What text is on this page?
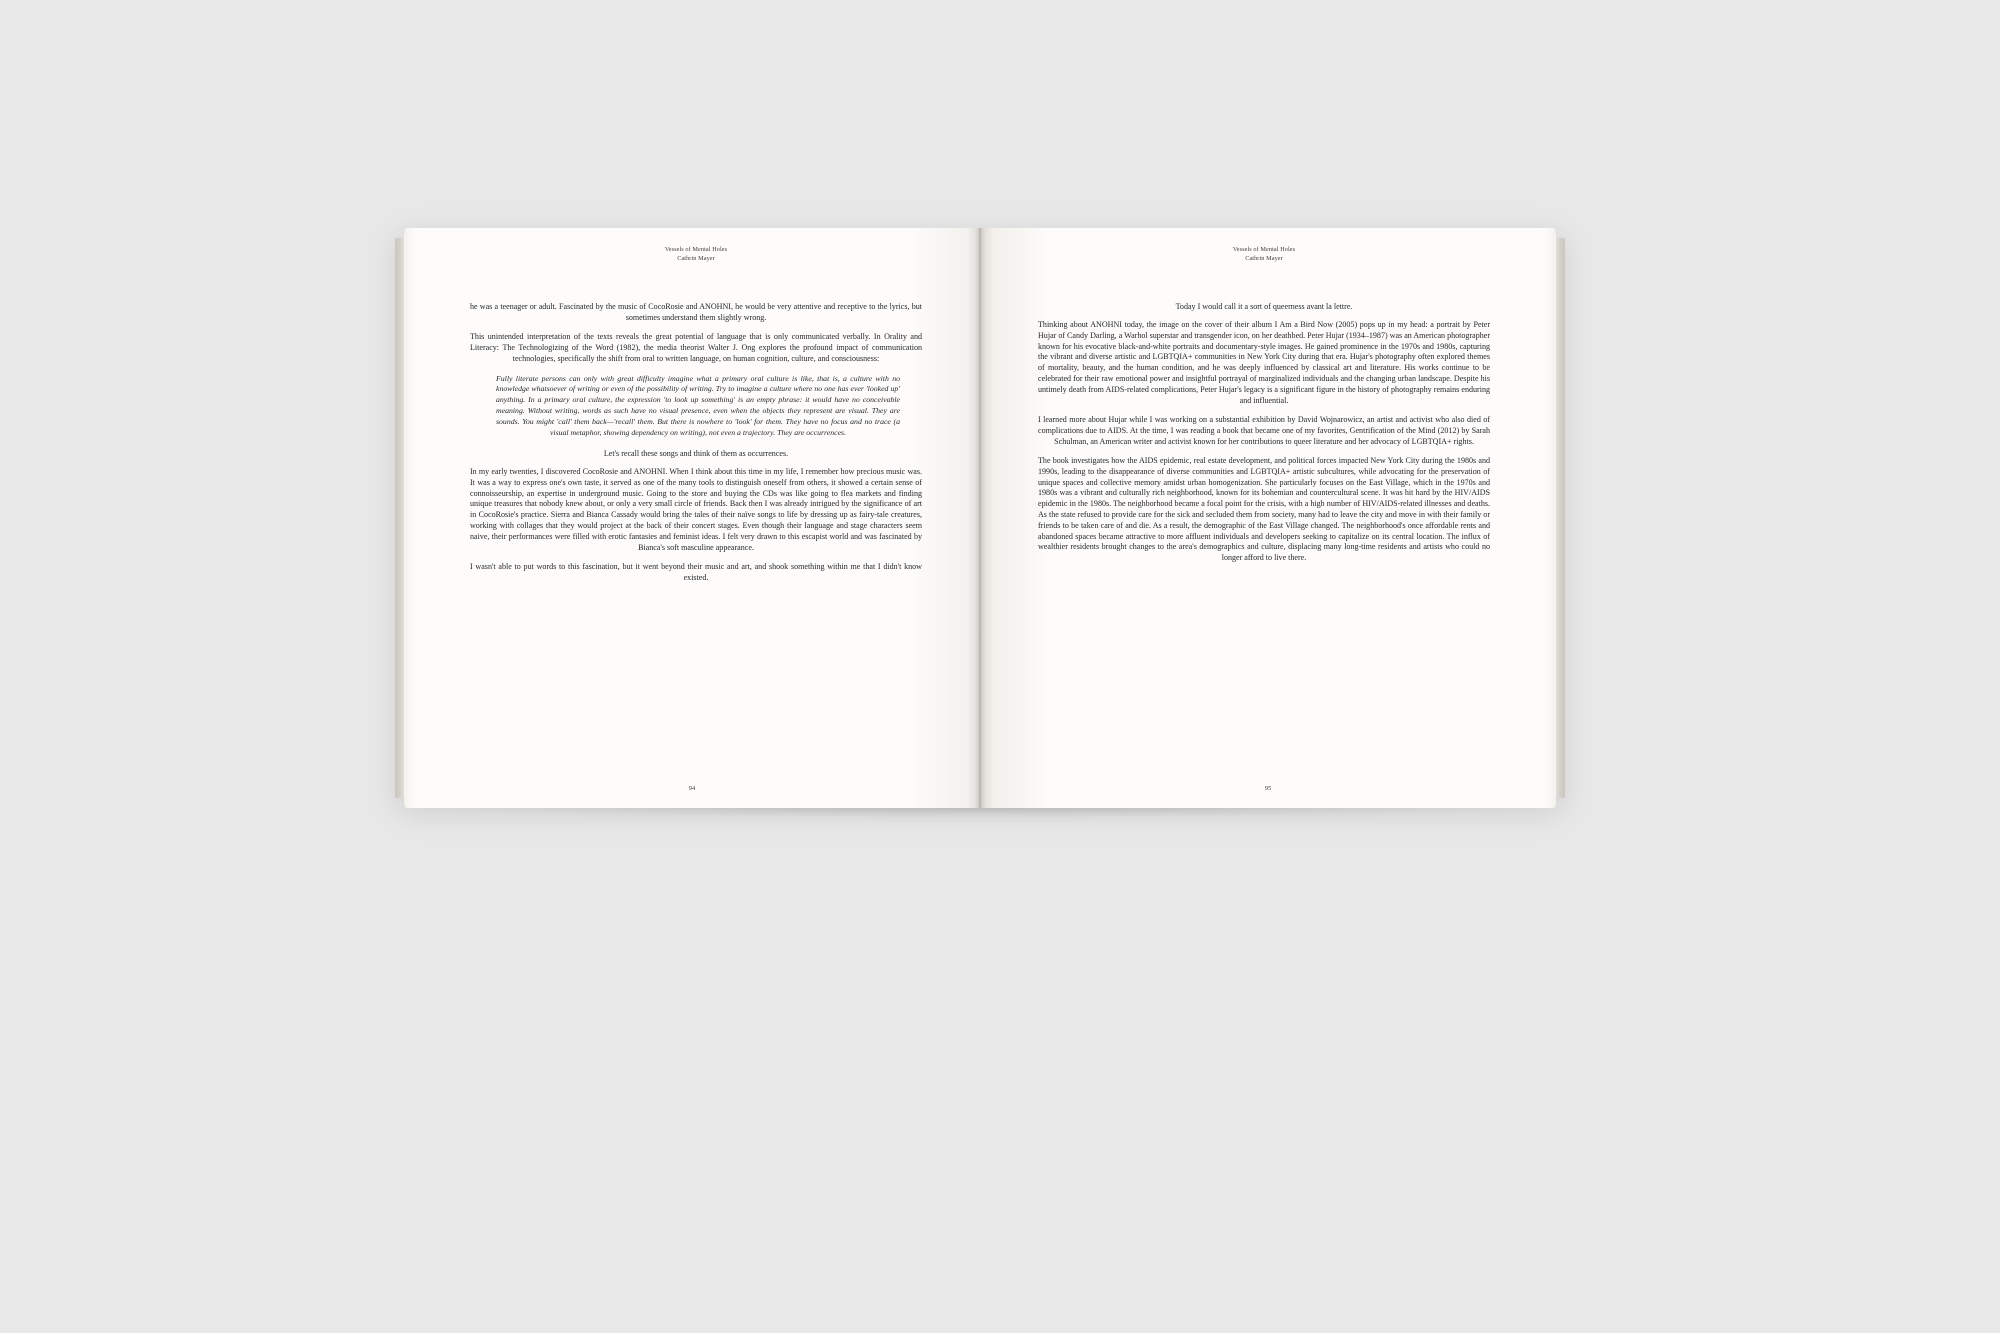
Vessels of Mental Holes
Cathrin Mayer

he was a teenager or adult. Fascinated by the music of CocoRosie and ANOHNI, he would be very attentive and receptive to the lyrics, but sometimes understand them slightly wrong.

This unintended interpretation of the texts reveals the great potential of language that is only communicated verbally. In Orality and Literacy: The Technologizing of the Word (1982), the media theorist Walter J. Ong explores the profound impact of communication technologies, specifically the shift from oral to written language, on human cognition, culture, and consciousness:

Fully literate persons can only with great difficulty imagine what a primary oral culture is like, that is, a culture with no knowledge whatsoever of writing or even of the possibility of writing. Try to imagine a culture where no one has ever 'looked up' anything. In a primary oral culture, the expression 'to look up something' is an empty phrase: it would have no conceivable meaning. Without writing, words as such have no visual presence, even when the objects they represent are visual. They are sounds. You might 'call' them back—'recall' them. But there is nowhere to 'look' for them. They have no focus and no trace (a visual metaphor, showing dependency on writing), not even a trajectory. They are occurrences.

Let's recall these songs and think of them as occurrences.

In my early twenties, I discovered CocoRosie and ANOHNI. When I think about this time in my life, I remember how precious music was. It was a way to express one's own taste, it served as one of the many tools to distinguish oneself from others, it showed a certain sense of connoisseurship, an expertise in underground music. Going to the store and buying the CDs was like going to flea markets and finding unique treasures that nobody knew about, or only a very small circle of friends. Back then I was already intrigued by the significance of art in CocoRosie's practice. Sierra and Bianca Cassady would bring the tales of their naïve songs to life by dressing up as fairy-tale creatures, working with collages that they would project at the back of their concert stages. Even though their language and stage characters seem naive, their performances were filled with erotic fantasies and feminist ideas. I felt very drawn to this escapist world and was fascinated by Bianca's soft masculine appearance.

I wasn't able to put words to this fascination, but it went beyond their music and art, and shook something within me that I didn't know existed.

94
Vessels of Mental Holes
Cathrin Mayer
Today I would call it a sort of queerness avant la lettre.

Thinking about ANOHNI today, the image on the cover of their album I Am a Bird Now (2005) pops up in my head: a portrait by Peter Hujar of Candy Darling, a Warhol superstar and transgender icon, on her deathbed. Peter Hujar (1934–1987) was an American photographer known for his evocative black-and-white portraits and documentary-style images. He gained prominence in the 1970s and 1980s, capturing the vibrant and diverse artistic and LGBTQIA+ communities in New York City during that era. Hujar's photography often explored themes of mortality, beauty, and the human condition, and he was deeply influenced by classical art and literature. His works continue to be celebrated for their raw emotional power and insightful portrayal of marginalized individuals and the changing urban landscape. Despite his untimely death from AIDS-related complications, Peter Hujar's legacy is a significant figure in the history of photography remains enduring and influential.

I learned more about Hujar while I was working on a substantial exhibition by David Wojnarowicz, an artist and activist who also died of complications due to AIDS. At the time, I was reading a book that became one of my favorites, Gentrification of the Mind (2012) by Sarah Schulman, an American writer and activist known for her contributions to queer literature and her advocacy of LGBTQIA+ rights.

The book investigates how the AIDS epidemic, real estate development, and political forces impacted New York City during the 1980s and 1990s, leading to the disappearance of diverse communities and LGBTQIA+ artistic subcultures, while advocating for the preservation of unique spaces and collective memory amidst urban homogenization. She particularly focuses on the East Village, which in the 1970s and 1980s was a vibrant and culturally rich neighborhood, known for its bohemian and countercultural scene. It was hit hard by the HIV/AIDS epidemic in the 1980s. The neighborhood became a focal point for the crisis, with a high number of HIV/AIDS-related illnesses and deaths. As the state refused to provide care for the sick and secluded them from society, many had to leave the city and move in with their family or friends to be taken care of and die. As a result, the demographic of the East Village changed. The neighborhood's once affordable rents and abandoned spaces became attractive to more affluent individuals and developers seeking to capitalize on its central location. The influx of wealthier residents brought changes to the area's demographics and culture, displacing many long-time residents and artists who could no longer afford to live there.

95
